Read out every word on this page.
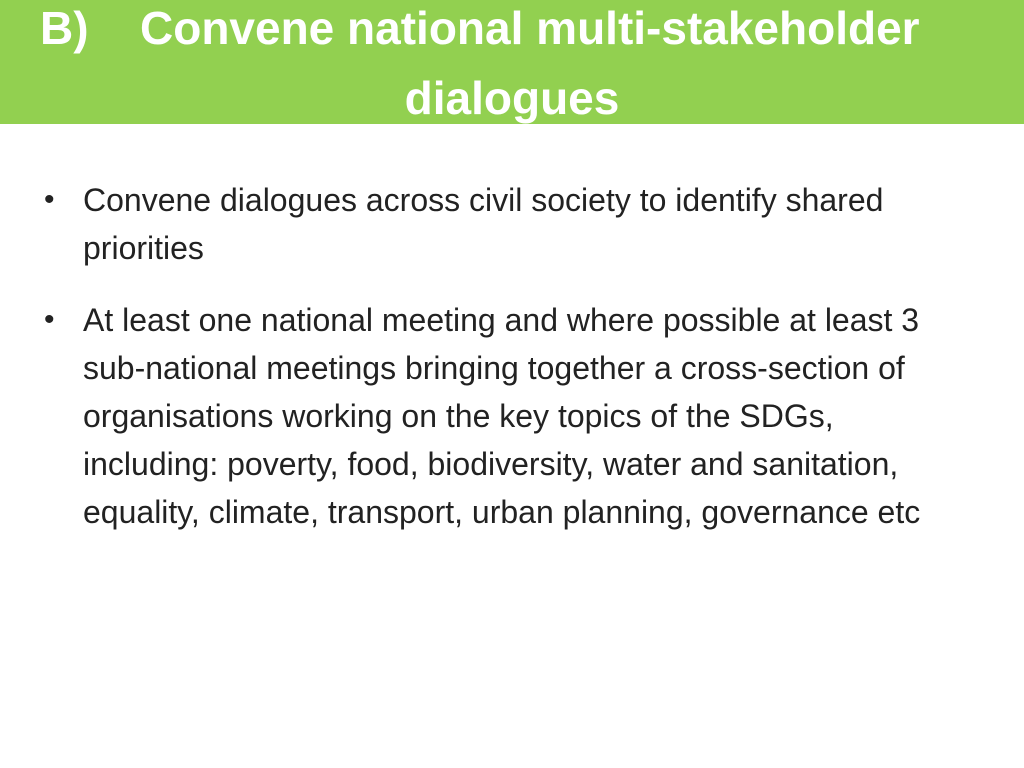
B) Convene national multi-stakeholder
dialogues
• Convene dialogues across civil society to identify shared priorities
• At least one national meeting and where possible at least 3 sub-national meetings bringing together a cross-section of organisations working on the key topics of the SDGs, including: poverty, food, biodiversity, water and sanitation, equality, climate, transport, urban planning, governance etc
